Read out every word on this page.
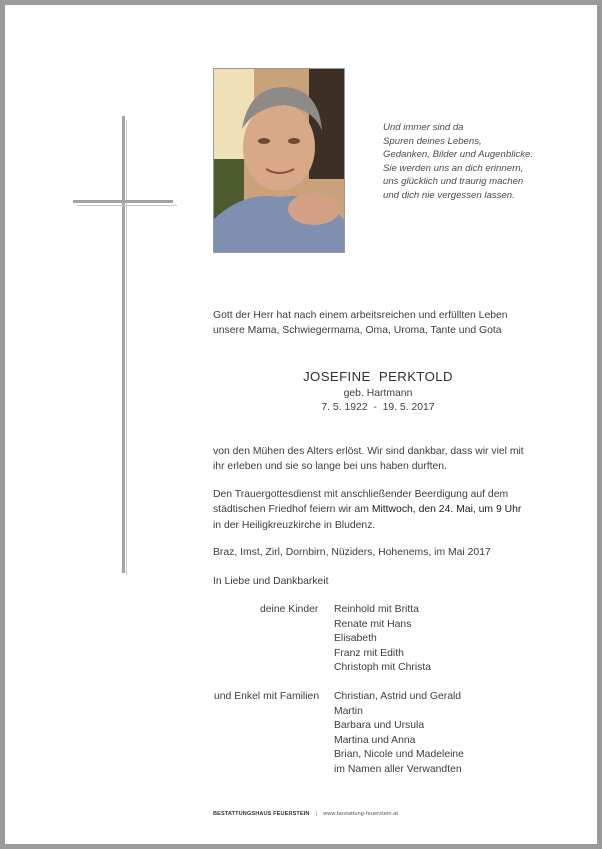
Und immer sind da
Spuren deines Lebens,
Gedanken, Bilder und Augenblicke.
Sie werden uns an dich erinnern,
uns glücklich und traurig machen
und dich nie vergessen lassen.
Gott der Herr hat nach einem arbeitsreichen und erfüllten Leben
unsere Mama, Schwiegermama, Oma, Uroma, Tante und Gota
JOSEFINE  PERKTOLD
geb. Hartmann
7. 5. 1922  -  19. 5. 2017
von den Mühen des Alters erlöst. Wir sind dankbar, dass wir viel mit
ihr erleben und sie so lange bei uns haben durften.
Den Trauergottesdienst mit anschließender Beerdigung auf dem
städtischen Friedhof feiern wir am Mittwoch, den 24. Mai, um 9 Uhr
in der Heiligkreuzkirche in Bludenz.
Braz, Imst, Zirl, Dornbirn, Nüziders, Hohenems, im Mai 2017
In Liebe und Dankbarkeit
deine Kinder Reinhold mit Britta
Renate mit Hans
Elisabeth
Franz mit Edith
Christoph mit Christa
und Enkel mit Familien Christian, Astrid und Gerald
Martin
Barbara und Ursula
Martina und Anna
Brian, Nicole und Madeleine
im Namen aller Verwandten
BESTATTUNGSHAUS FEUERSTEIN | www.bestattung-feuerstein.at
